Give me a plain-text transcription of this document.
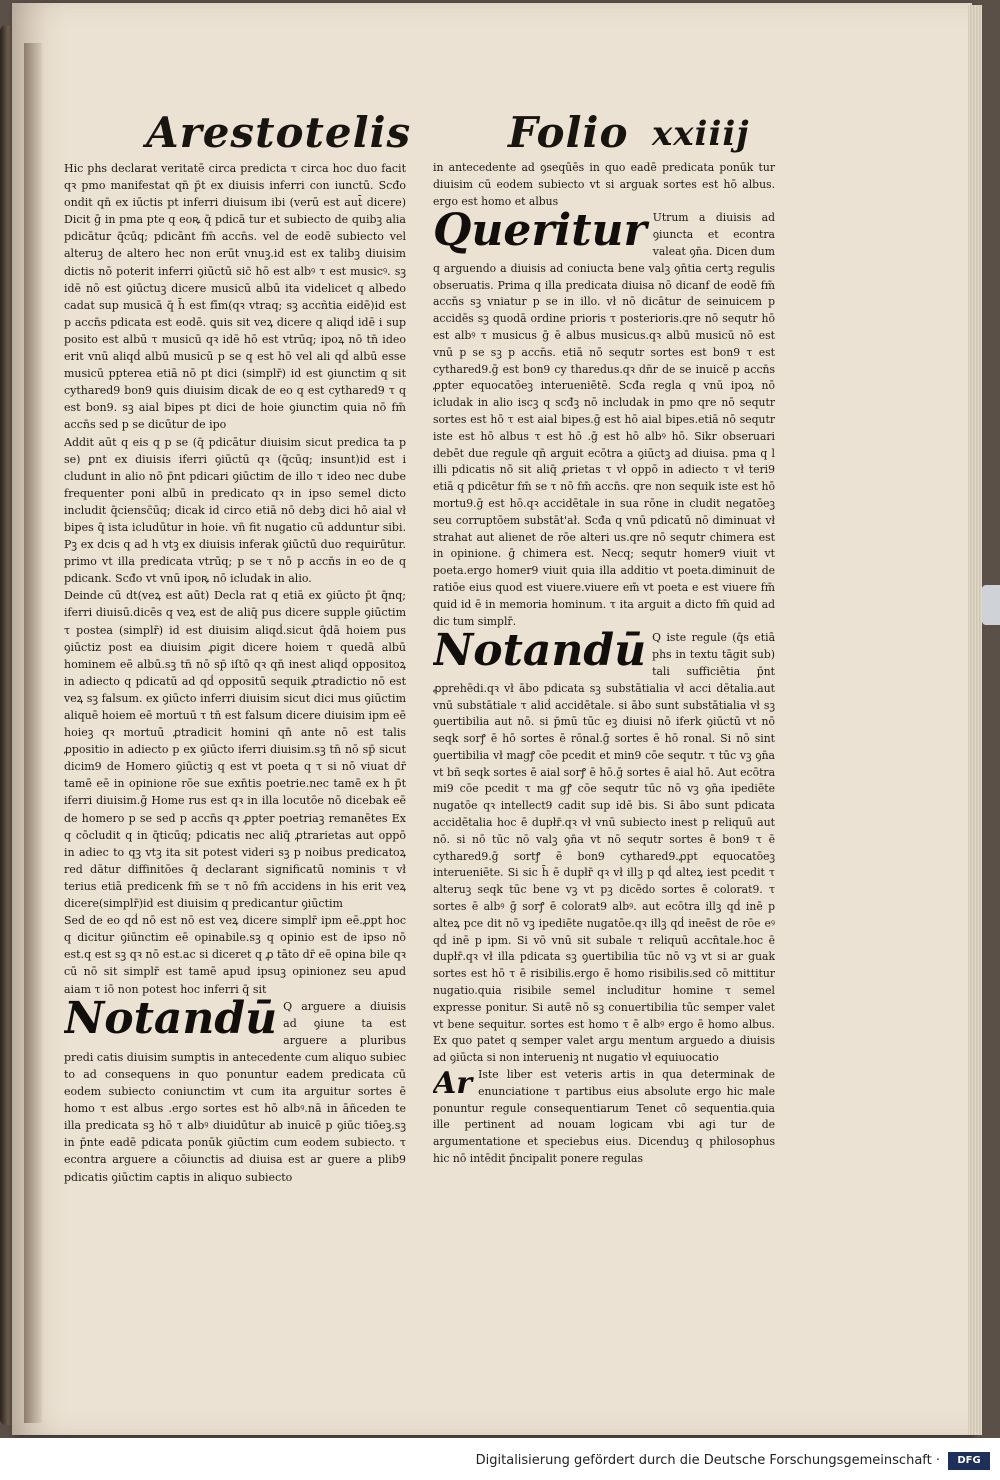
Arestotelis Folio xxiiij

Hic phs declarat veritatē circa predicta τ circa hoc duo facit qꝛ pmo manifestat qn̄ p̄t ex diuisis inferri con iunctū. Scđo ondit qn̄ ex iūctis pt inferri diuisum ibi (verū est aut̄ dicere) Dicit ḡ in pma pte q eoꝶ q̄ pdicā tur et subiecto de quibꝫ alia pdicātur q̄cūq; pdicānt fm̄ accn̄s. vel de eodē subiecto vel alteruꝫ de altero hec non erūt vnuꝫ.id est ex talibꝫ diuisim dictis nō poterit inferri ꝯiūctū sic̄ hō est albꝰ τ est musicꝰ. sꝫ idē nō est ꝯiūctuꝫ dicere musicū albū ita videlicet q albedo cadat sup musicā q̄ h̄ est fīm(qꝛ vtraq; sꝫ accñtia eidē)id est p accn̄s pdicata est eodē. ꝗuis sit veꝝ dicere q aliqḋ idē i sup posito est albū τ musicū qꝛ idē hō est vtrūq; ipoꝝ nō tn̄ ideo erit vnū aliqḋ albū musicū p se q est hō vel ali qḋ albū esse musicū ppterea etiā nō pt dici (simplr̄) id est ꝯiunctim q sit cythared9 bon9 ꝗuis diuisim dicak de eo q est cythared9 τ q est bon9. sꝫ aial bipes pt dici de hoie ꝯiunctim quia nō fm̄ accn̄s sed p se dicūtur de ipo

Addit aūt q eis q p se (q̄ pdicātur diuisim sicut predica ta p se) ꝑnt ex diuisis iferri ꝯiūctū qꝛ (q̄cūq; insunt)id est i cludunt in alio nō p̄nt pdicari ꝯiūctim de illo τ ideo nec dube frequenter poni albū in predicato qꝛ in ipso semel dicto includit q̄ciensc̄ūq; dicak id circo etiā nō debꝫ dici hō aial vł bipes q̄ ista icludūtur in hoie. vn̄ fit nugatio cū adduntur sibi. Pꝫ ex dcis q ad h vtꝫ ex diuisis inferak ꝯiūctū duo requirūtur. primo vt illa predicata vtrūq; p se τ nō p accn̄s in eo de q pdicank. Scđo vt vnū ipoꝶ nō icludak in alio.

Deinde cū dt(veꝝ est aūt) Decla rat q etiā ex ꝯiūcto p̄t q̄nq; iferri diuisū.dicēs q veꝝ est de aliq̄ pus dicere supple ꝯiūctim τ postea (simplr̄) id est diuisim aliqḋ.sicut q̄dā hoiem pus ꝯiūctiz post ea diuisim ꝓigit dicere hoiem τ quedā albū hominem eē albū.sꝫ tn̄ nō sp̄ iſtō qꝛ qn̄ inest aliqḋ oppositoꝝ in adiecto q pdicatū ad qḋ oppositū sequik ꝓtradictio nō est veꝝ sꝫ falsum. ex ꝯiūcto inferri diuisim sicut dici mus ꝯiūctim aliquē hoiem eē mortuū τ tn̄ est falsum dicere diuisim ipm eē hoieꝫ qꝛ mortuū ꝓtradicit homini qn̄ ante nō est talis ꝓpositio in adiecto p ex ꝯiūcto iferri diuisim.sꝫ tn̄ nō sp̄ sicut dicim9 de Homero ꝯiūctiꝫ q est vt poeta q τ si nō viuat dr̄ tamē eē in opinione rōe sue exn̄tis poetrie.nec tamē ex h p̄t iferri diuisim.ḡ Home rus est qꝛ in illa locutōe nō dicebak eē de homero p se sed p accn̄s qꝛ ꝓpter poetriaꝫ remanētes Ex q cōcludit q in q̄ticūq; pdicatis nec aliq̄ ꝓtrarietas aut oppō in adiec to qꝫ vtꝫ ita sit potest videri sꝫ p noibus predicatoꝝ red dātur diffinitōes q̄ declarant significatū nominis τ vł terius etiā predicenk fm̄ se τ nō fm̄ accidens in his erit veꝝ dicere(simplr̄)id est diuisim q predicantur ꝯiūctim

Sed de eo qḋ nō est nō est veꝝ dicere simplr̄ ipm eē.ꝓpt hoc q dicitur ꝯiūnctim eē opinabile.sꝫ q opinio est de ipso nō est.q est sꝫ qꝛ nō est.ac si diceret q ꝓ tāto dr̄ eē opina bile qꝛ cū nō sit simplr̄ est tamē apud ipsuꝫ opinionez seu apud aiam τ iō non potest hoc inferri q̄ sit

Notandū Q arguere a diuisis ad ꝯiune ta est arguere a pluribus predi catis diuisim sumptis in antecedente cum aliquo subiec to ad consequens in quo ponuntur eadem predicata cū eodem subiecto coniunctim vt cum ita arguitur sortes ē homo τ est albus .ergo sortes est hō albꝰ.nā in āñceden te illa predicata sꝫ hō τ albꝰ diuidūtur ab inuicē p ꝯiūc tiōeꝫ.sꝫ in p̄nte eadē pdicata ponūk ꝯiūctim cum eodem subiecto. τ econtra arguere a cōiunctis ad diuisa est ar guere a plib9 pdicatis ꝯiūctim captis in aliquo subiecto

in antecedente ad ꝯseqūēs in quo eadē predicata ponūk tur diuisim cū eodem subiecto vt si arguak sortes est hō albus. ergo est homo et albus

Queritur Utrum a diuisis ad ꝯiuncta et econtra valeat ꝯn̄a. Dicen dum q arguendo a diuisis ad coniucta bene valꝫ ꝯn̄tia certꝫ regulis obseruatis. Prima q illa predicata diuisa nō dicanf de eodē fm̄ accn̄s sꝫ vniatur p se in illo. vł nō dicātur de seinuicem p accidēs sꝫ quodā ordine prioris τ posterioris.qre nō sequtr hō est albꝰ τ musicus ḡ ē albus musicus.qꝛ albū musicū nō est vnū p se sꝫ p accn̄s. etiā nō sequtr sortes est bon9 τ est cythared9.ḡ est bon9 cy tharedus.qꝛ dn̄r de se inuicē p accn̄s ꝓpter equocatōeꝫ interueniētē. Scđa regla q vnū ipoꝝ nō icludak in alio iscꝫ q scđꝫ nō includak in pmo qre nō sequtr sortes est hō τ est aial bipes.ḡ est hō aial bipes.etiā nō sequtr iste est hō albus τ est hō .ḡ est hō albꝰ hō. Sikr obseruari debēt due regule qn̄ arguit ecōtra a ꝯiūctꝫ ad diuisa. pma q l illi pdicatis nō sit aliq̄ ꝓrietas τ vł oppō in adiecto τ vł teri9 etiā q pdicētur fm̄ se τ nō fm̄ accn̄s. qre non sequik iste est hō mortu9.ḡ est hō.qꝛ accidētale in sua rōne in cludit negatōeꝫ seu corruptōem substāt'ał. Scđa q vnū pdicatū nō diminuat vł strahat aut alienet de rōe alteri us.qre nō sequtr chimera est in opinione. ḡ chimera est. Necq; sequtr homer9 viuit vt poeta.ergo homer9 viuit quia illa additio vt poeta.diminuit de ratiōe eius quod est viuere.viuere em̄ vt poeta e est viuere fm̄ quid id ē in memoria hominum. τ ita arguit a dicto fm̄ quid ad dic tum simplr̄.
Notandū Q iste regule (q̄s etiā phs in textu tāgit sub) tali sufficiētia p̄nt ꝓprehēdi.qꝛ vł ābo pdicata sꝫ substātialia vł acci dētalia.aut vnū substātiale τ aliḋ accidētale. si ābo sunt substātialia vł sꝫ ꝯuertibilia aut nō. si p̄mū tūc eꝫ diuisi nō iferk ꝯiūctū vt nō seqk sorꝭ ē hō sortes ē rōnal.ḡ sortes ē hō ronal. Si nō sint ꝯuertibilia vł magꝭ cōe pcedit et min9 cōe sequtr. τ tūc vꝫ ꝯn̄a vt bñ seqk sortes ē aial sorꝭ ē hō.ḡ sortes ē aial hō. Aut ecōtra mi9 cōe pcedit τ ma gꝭ cōe sequtr tūc nō vꝫ ꝯn̄a ipediēte nugatōe qꝛ intellect9 cadit sup idē bis. Si ābo sunt pdicata accidētalia hoc ē dupłr̄.qꝛ vł vnū subiecto inest p reliquū aut nō. si nō tūc nō valꝫ ꝯn̄a vt nō sequtr sortes ē bon9 τ ē cythared9.ḡ sortꝭ ē bon9 cythared9.ꝓpt equocatōeꝫ interueniēte. Si sic h̄ ē dupłr̄ qꝛ vł illꝫ p qḋ alteꝝ iest pcedit τ alteruꝫ seqk tūc bene vꝫ vt pꝫ dicēdo sortes ē colorat9. τ sortes ē albꝰ ḡ sorꝭ ē colorat9 albꝰ. aut ecōtra illꝫ qḋ inē p alteꝝ pce dit nō vꝫ ipediēte nugatōe.qꝛ illꝫ qḋ ineēst de rōe eꝰ qḋ inē p ipm. Si vō vnū sit subale τ reliquū accn̄tale.hoc ē dupłr̄.qꝛ vł illa pdicata sꝫ ꝯuertibilia tūc nō vꝫ vt si ar guak sortes est hō τ ē risibilis.ergo ē homo risibilis.sed cō mittitur nugatio.quia risibile semel includitur homine τ semel expresse ponitur. Si autē nō sꝫ conuertibilia tūc semper valet vt bene sequitur. sortes est homo τ ē albꝰ ergo ē homo albus. Ex quo patet q semper valet argu mentum arguedo a diuisis ad ꝯiūcta si non interueniꝫ nt nugatio vł equiuocatio
Ar Iste liber est veteris artis in qua determinak de enunciatione τ partibus eius absolute ergo hic male ponuntur regule consequentiarum Tenet cō sequentia.quia ille pertinent ad nouam logicam vbi agi tur de argumentatione et speciebus eius. Dicenduꝫ q philosophus hic nō intēdit p̄ncipalit ponere regulas
Digitalisierung gefördert durch die Deutsche Forschungsgemeinschaft ·	DFG
